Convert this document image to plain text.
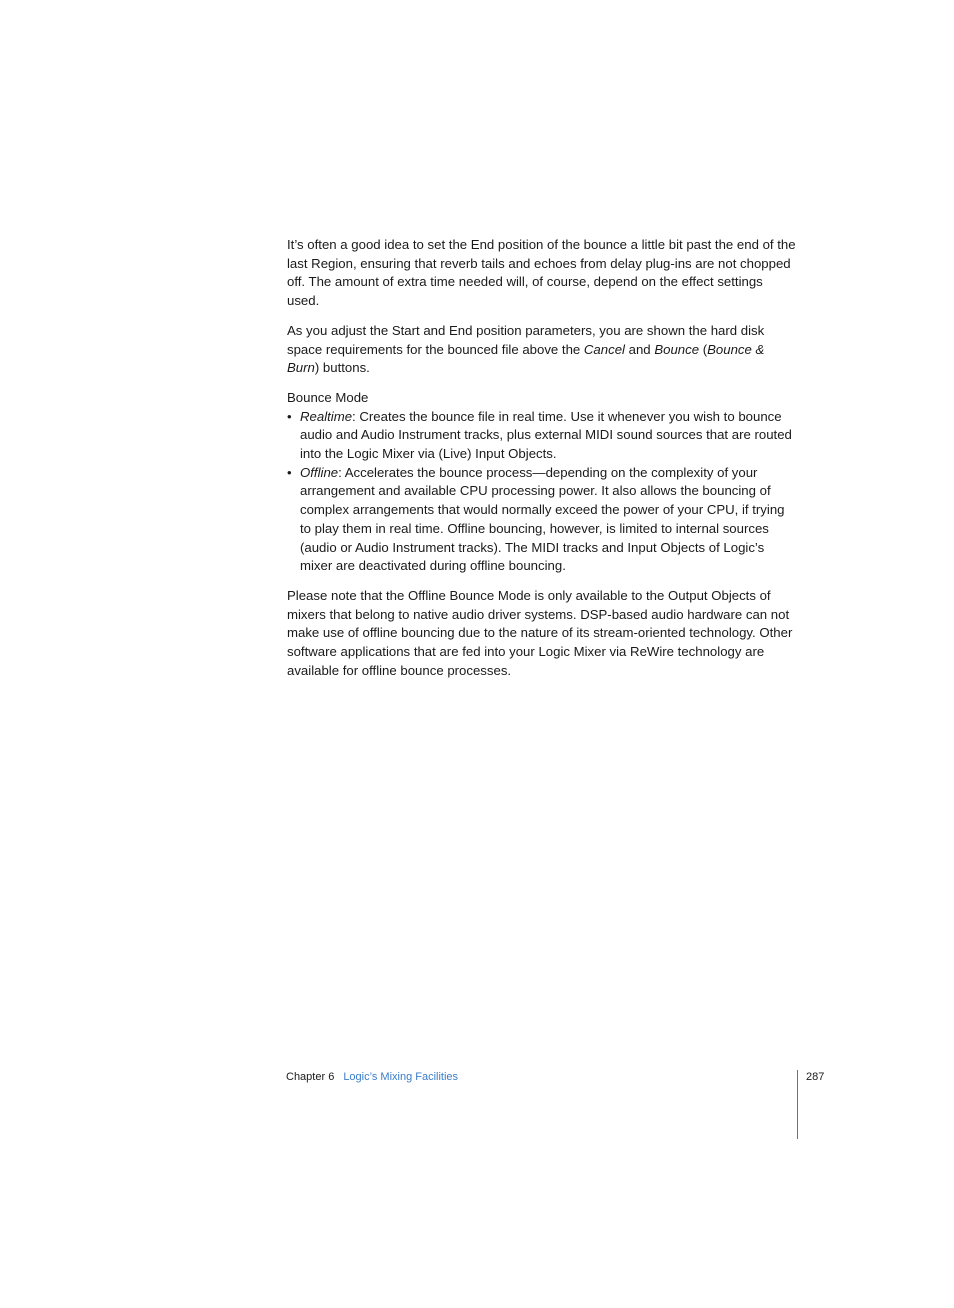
It’s often a good idea to set the End position of the bounce a little bit past the end of the last Region, ensuring that reverb tails and echoes from delay plug-ins are not chopped off. The amount of extra time needed will, of course, depend on the effect settings used.

As you adjust the Start and End position parameters, you are shown the hard disk space requirements for the bounced file above the Cancel and Bounce (Bounce & Burn) buttons.

Bounce Mode
• Realtime: Creates the bounce file in real time. Use it whenever you wish to bounce audio and Audio Instrument tracks, plus external MIDI sound sources that are routed into the Logic Mixer via (Live) Input Objects.
• Offline: Accelerates the bounce process—depending on the complexity of your arrangement and available CPU processing power. It also allows the bouncing of complex arrangements that would normally exceed the power of your CPU, if trying to play them in real time. Offline bouncing, however, is limited to internal sources (audio or Audio Instrument tracks). The MIDI tracks and Input Objects of Logic’s mixer are deactivated during offline bouncing.

Please note that the Offline Bounce Mode is only available to the Output Objects of mixers that belong to native audio driver systems. DSP-based audio hardware can not make use of offline bouncing due to the nature of its stream-oriented technology. Other software applications that are fed into your Logic Mixer via ReWire technology are available for offline bounce processes.

Chapter 6 Logic’s Mixing Facilities	287
